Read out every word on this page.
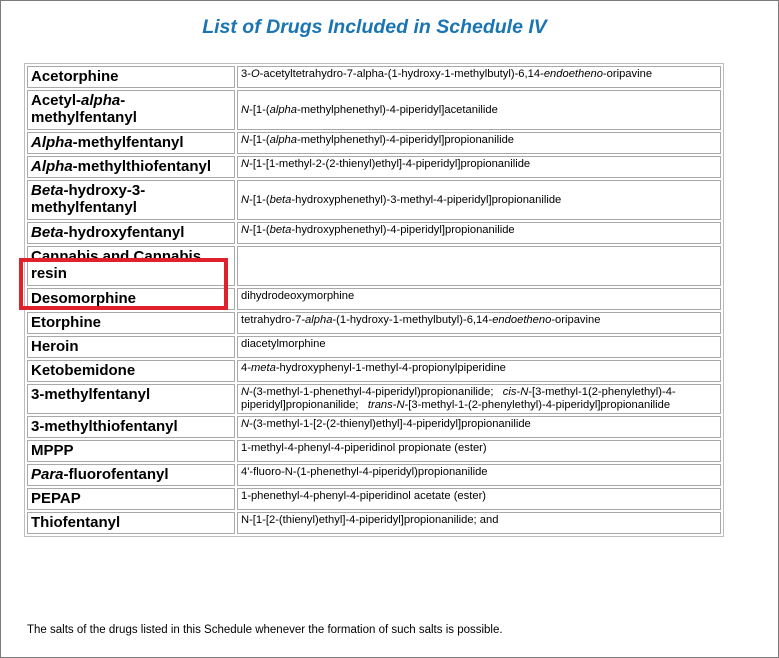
List of Drugs Included in Schedule IV
Acetorphine	3-O-acetyltetrahydro-7-alpha-(1-hydroxy-1-methylbutyl)-6,14-endoetheno-oripavine
Acetyl-alpha-methylfentanyl	N-[1-(alpha-methylphenethyl)-4-piperidyl]acetanilide
Alpha-methylfentanyl	N-[1-(alpha-methylphenethyl)-4-piperidyl]propionanilide
Alpha-methylthiofentanyl	N-[1-[1-methyl-2-(2-thienyl)ethyl]-4-piperidyl]propionanilide
Beta-hydroxy-3-methylfentanyl	N-[1-(beta-hydroxyphenethyl)-3-methyl-4-piperidyl]propionanilide
Beta-hydroxyfentanyl	N-[1-(beta-hydroxyphenethyl)-4-piperidyl]propionanilide
Cannabis and Cannabis resin	
Desomorphine	dihydrodeoxymorphine
Etorphine	tetrahydro-7-alpha-(1-hydroxy-1-methylbutyl)-6,14-endoetheno-oripavine
Heroin	diacetylmorphine
Ketobemidone	4-meta-hydroxyphenyl-1-methyl-4-propionylpiperidine
3-methylfentanyl	N-(3-methyl-1-phenethyl-4-piperidyl)propionanilide;   cis-N-[3-methyl-1(2-phenylethyl)-4-piperidyl]propionanilide;   trans-N-[3-methyl-1-(2-phenylethyl)-4-piperidyl]propionanilide
3-methylthiofentanyl	N-(3-methyl-1-[2-(2-thienyl)ethyl]-4-piperidyl]propionanilide
MPPP	1-methyl-4-phenyl-4-piperidinol propionate (ester)
Para-fluorofentanyl	4'-fluoro-N-(1-phenethyl-4-piperidyl)propionanilide
PEPAP	1-phenethyl-4-phenyl-4-piperidinol acetate (ester)
Thiofentanyl	N-[1-[2-(thienyl)ethyl]-4-piperidyl]propionanilide; and

The salts of the drugs listed in this Schedule whenever the formation of such salts is possible.
